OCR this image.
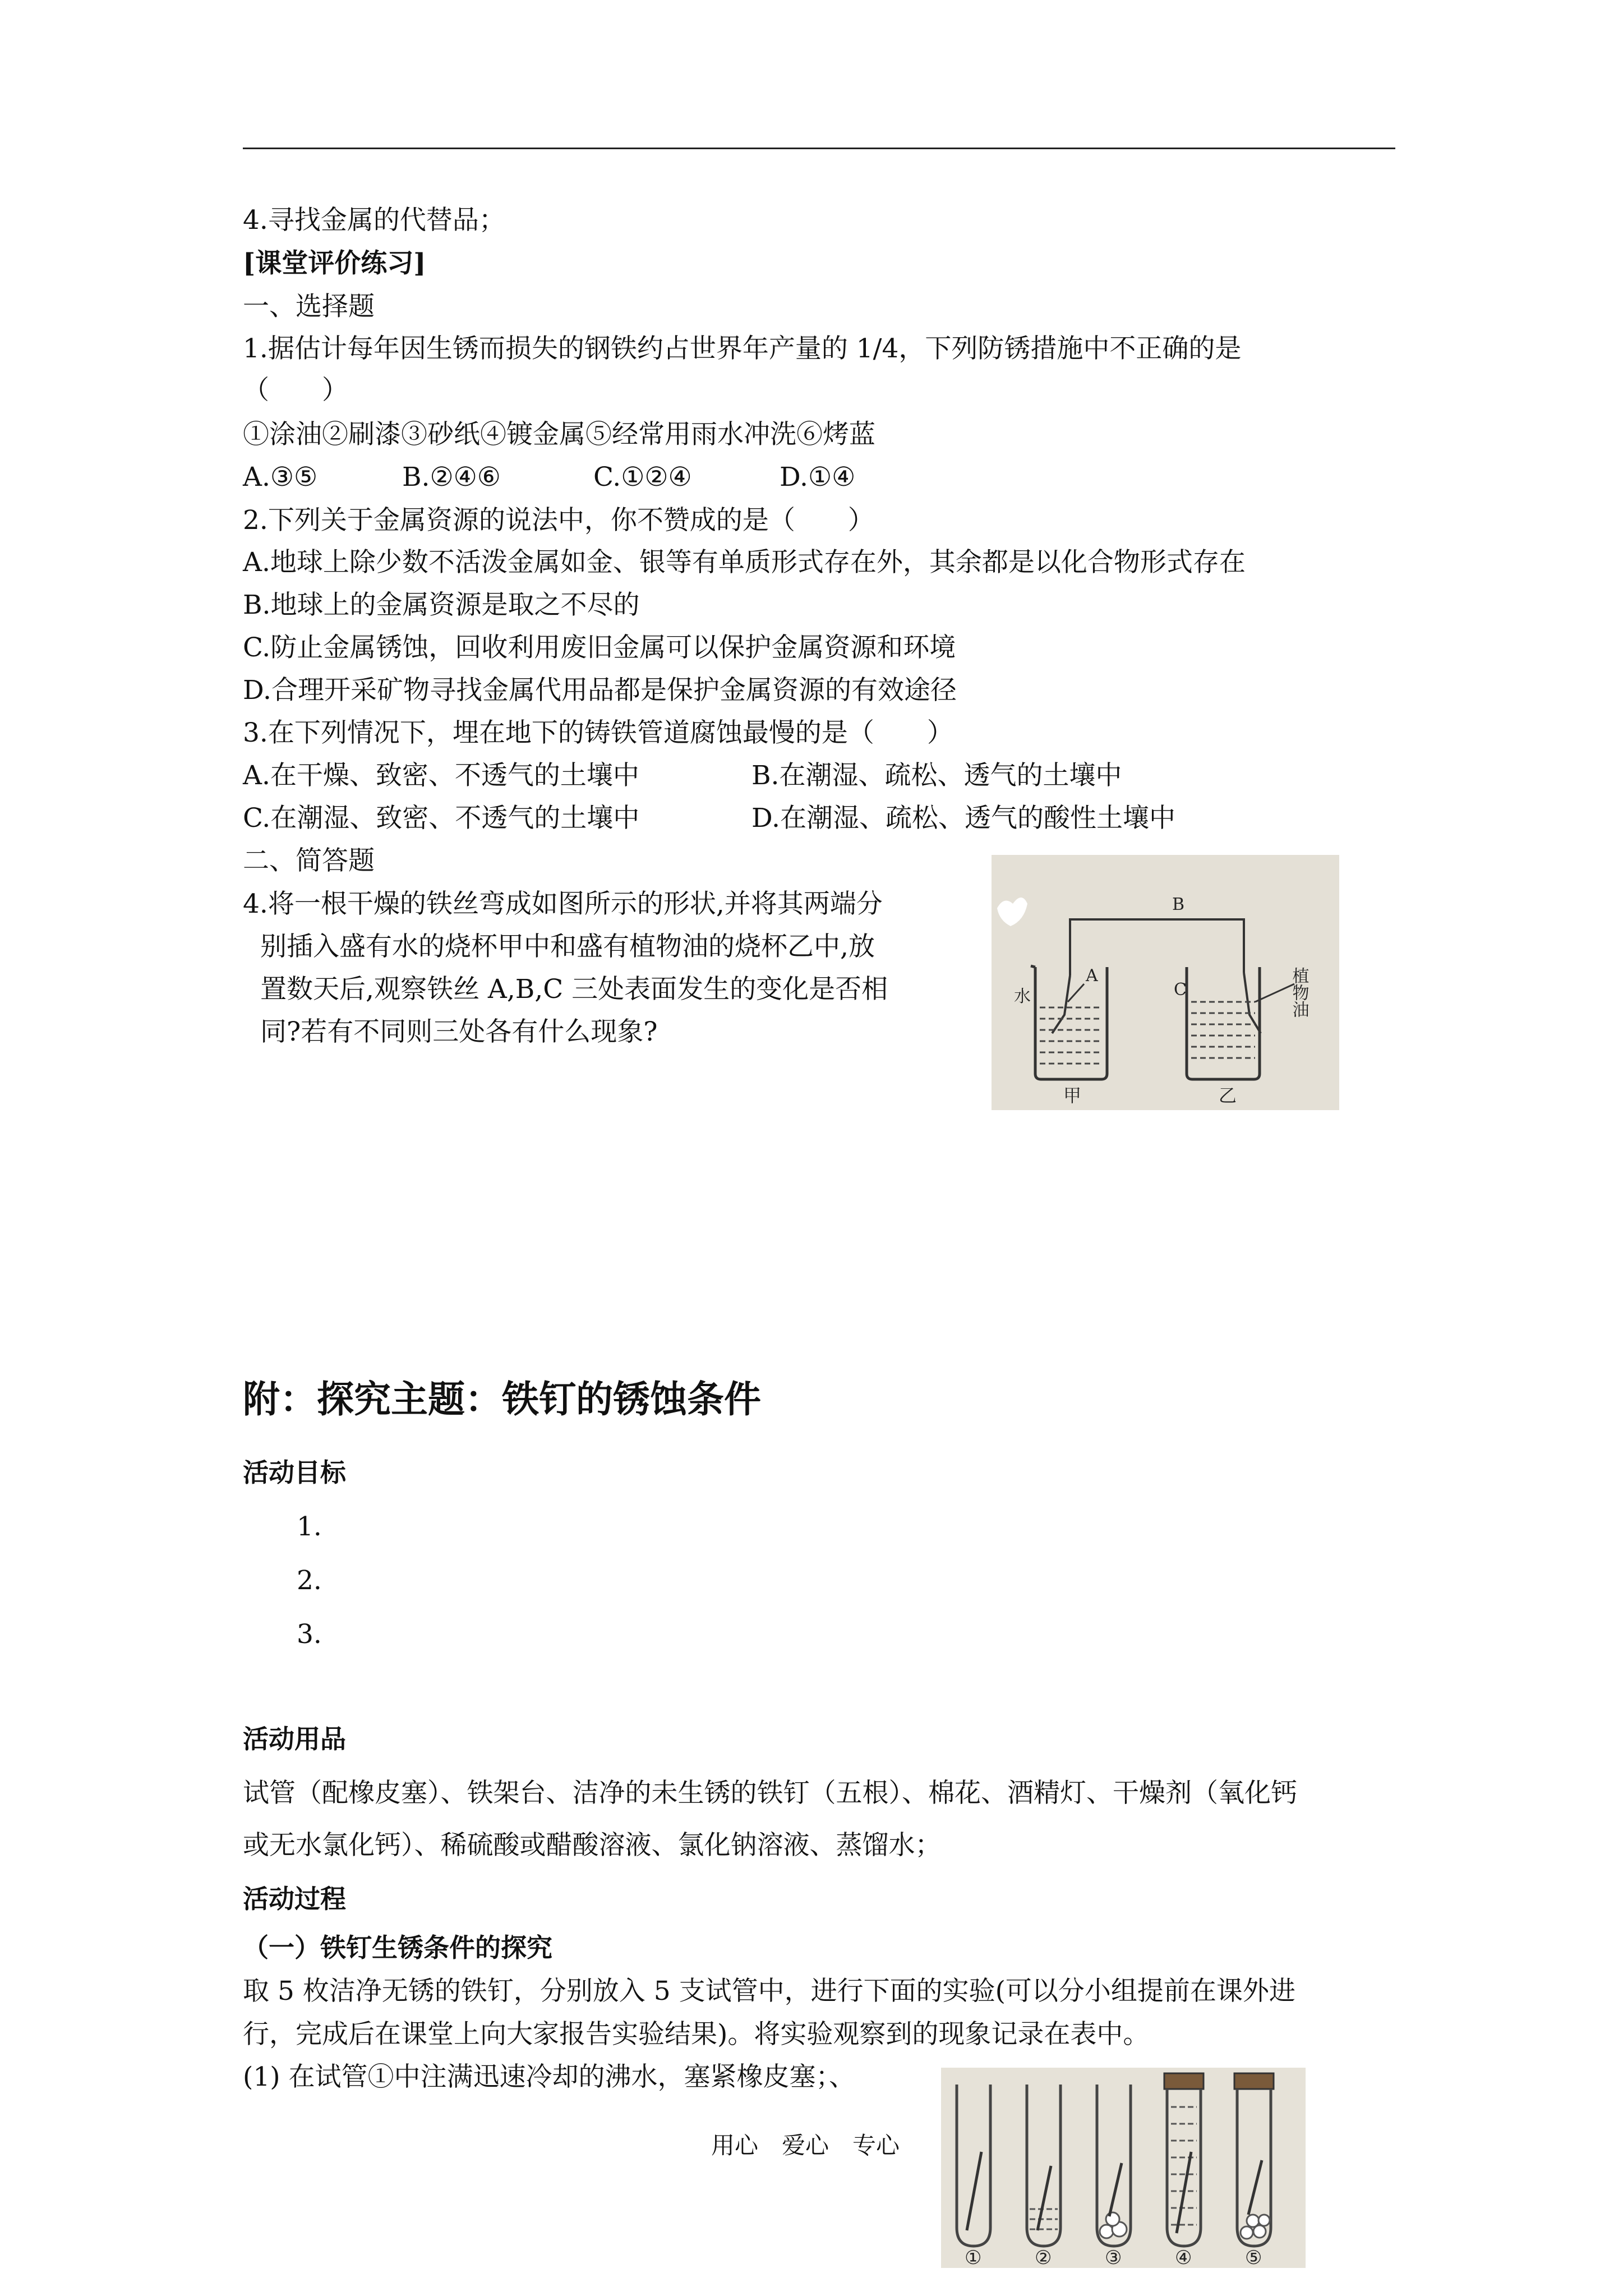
4.寻找金属的代替品；
[课堂评价练习]
一、选择题
1.据估计每年因生锈而损失的钢铁约占世界年产量的 1/4，下列防锈措施中不正确的是
（　　）
①涂油②刷漆③砂纸④镀金属⑤经常用雨水冲洗⑥烤蓝
A.③⑤	B.②④⑥	C.①②④	D.①④
2.下列关于金属资源的说法中，你不赞成的是（　　）
A.地球上除少数不活泼金属如金、银等有单质形式存在外，其余都是以化合物形式存在
B.地球上的金属资源是取之不尽的
C.防止金属锈蚀，回收利用废旧金属可以保护金属资源和环境
D.合理开采矿物寻找金属代用品都是保护金属资源的有效途径
3.在下列情况下，埋在地下的铸铁管道腐蚀最慢的是（　　）
A.在干燥、致密、不透气的土壤中	B.在潮湿、疏松、透气的土壤中
C.在潮湿、致密、不透气的土壤中	D.在潮湿、疏松、透气的酸性土壤中
二、简答题
4.将一根干燥的铁丝弯成如图所示的形状,并将其两端分
别插入盛有水的烧杯甲中和盛有植物油的烧杯乙中,放
置数天后,观察铁丝 A,B,C 三处表面发生的变化是否相
同?若有不同则三处各有什么现象?
B
A
C
水	植物油
甲	乙
附：探究主题：铁钉的锈蚀条件
活动目标
1.
2.
3.
活动用品
试管（配橡皮塞）、铁架台、洁净的未生锈的铁钉（五根）、棉花、酒精灯、干燥剂（氧化钙
或无水氯化钙）、稀硫酸或醋酸溶液、氯化钠溶液、蒸馏水；
活动过程
（一）铁钉生锈条件的探究
取 5 枚洁净无锈的铁钉，分别放入 5 支试管中，进行下面的实验(可以分小组提前在课外进
行，完成后在课堂上向大家报告实验结果)。将实验观察到的现象记录在表中。
(1) 在试管①中注满迅速冷却的沸水，塞紧橡皮塞；、
①	②	③	④	⑤
用心　爱心　专心
